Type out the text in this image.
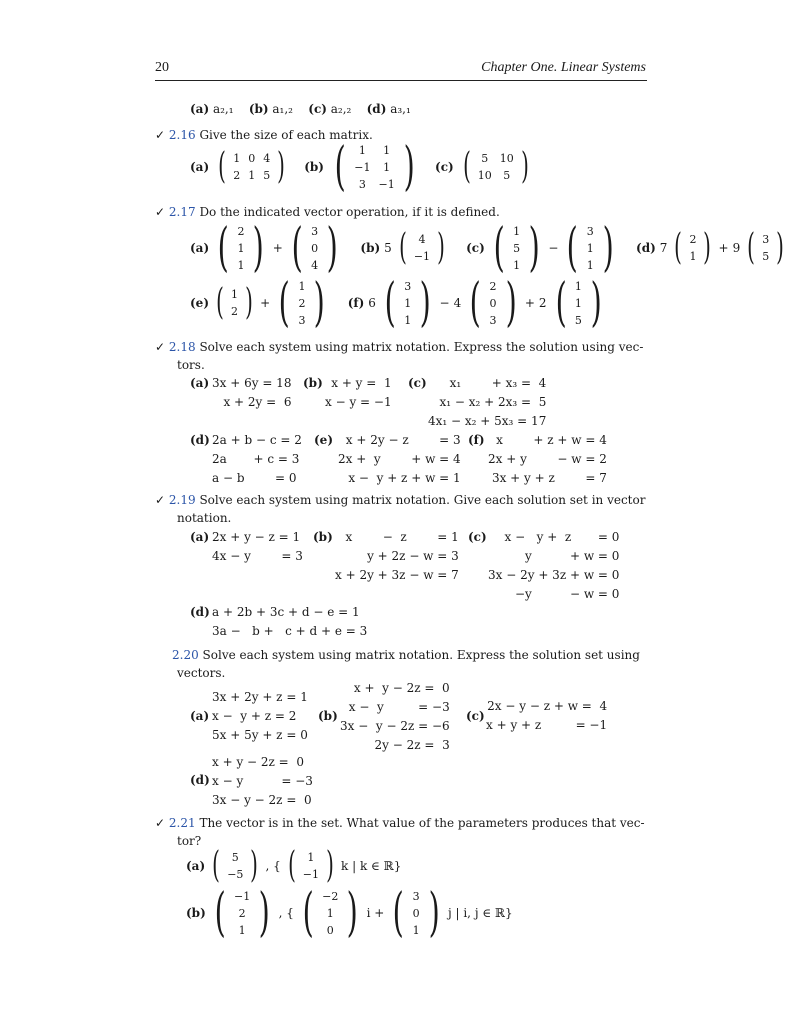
20	Chapter One. Linear Systems
(a) a₂,₁ (b) a₁,₂ (c) a₂,₂ (d) a₃,₁
✓ 2.16 Give the size of each matrix.
(a) ( 1	0	4
2	1	5 ) (b) ( 1	1
−1	1
3	−1 ) (c) ( 5	10
10	5 )
✓ 2.17 Do the indicated vector operation, if it is defined.
(a) ( 2
1
1 ) + ( 3
0
4 ) (b) 5 ( 4
−1 ) (c) ( 1
5
1 ) − ( 3
1
1 ) (d) 7 ( 2
1 ) + 9 ( 3
5 )
(e) ( 1
2 ) + ( 1
2
3 ) (f) 6 ( 3
1
1 ) − 4 ( 2
0
3 ) + 2 ( 1
1
5 )
✓ 2.18 Solve each system using matrix notation. Express the solution using vec-
tors.
(a) 3x + 6y = 18
x + 2y =  6
(b) x + y =  1
x − y = −1
(c)	x₁        + x₃ =  4
x₁ − x₂ + 2x₃ =  5
4x₁ − x₂ + 5x₃ = 17
(d) 2a + b − c = 2
2a       + c = 3
a − b        = 0
(e)	x + 2y − z        = 3
2x +  y        + w = 4
x −  y + z + w = 1
(f) x        + z + w = 4
2x + y        − w = 2
3x + y + z        = 7
✓ 2.19 Solve each system using matrix notation. Give each solution set in vector
notation.
(a) 2x + y − z = 1
4x − y        = 3
(b)	x        −  z        = 1
y + 2z − w = 3
x + 2y + 3z − w = 7
(c)	x −   y +  z       = 0
y          + w = 0
3x − 2y + 3z + w = 0
−y          − w = 0
(d) a + 2b + 3c + d − e = 1
3a −   b +   c + d + e = 3
2.20 Solve each system using matrix notation. Express the solution set using
vectors.
(a)
3x + 2y + z = 1
x −  y + z = 2
5x + 5y + z = 0
(b)
x +  y − 2z =  0
x −  y         = −3
3x −  y − 2z = −6
2y − 2z =  3
(c)
2x − y − z + w =  4
x + y + z         = −1
(d)
x + y − 2z =  0
x − y          = −3
3x − y − 2z =  0
✓ 2.21 The vector is in the set. What value of the parameters produces that vec-
tor?
(a) ( 5
−5 ) , { ( 1
−1 ) k | k ∈ ℝ}
(b) ( −1
2
1 ) , { ( −2
1
0 ) i + ( 3
0
1 ) j | i, j ∈ ℝ}
